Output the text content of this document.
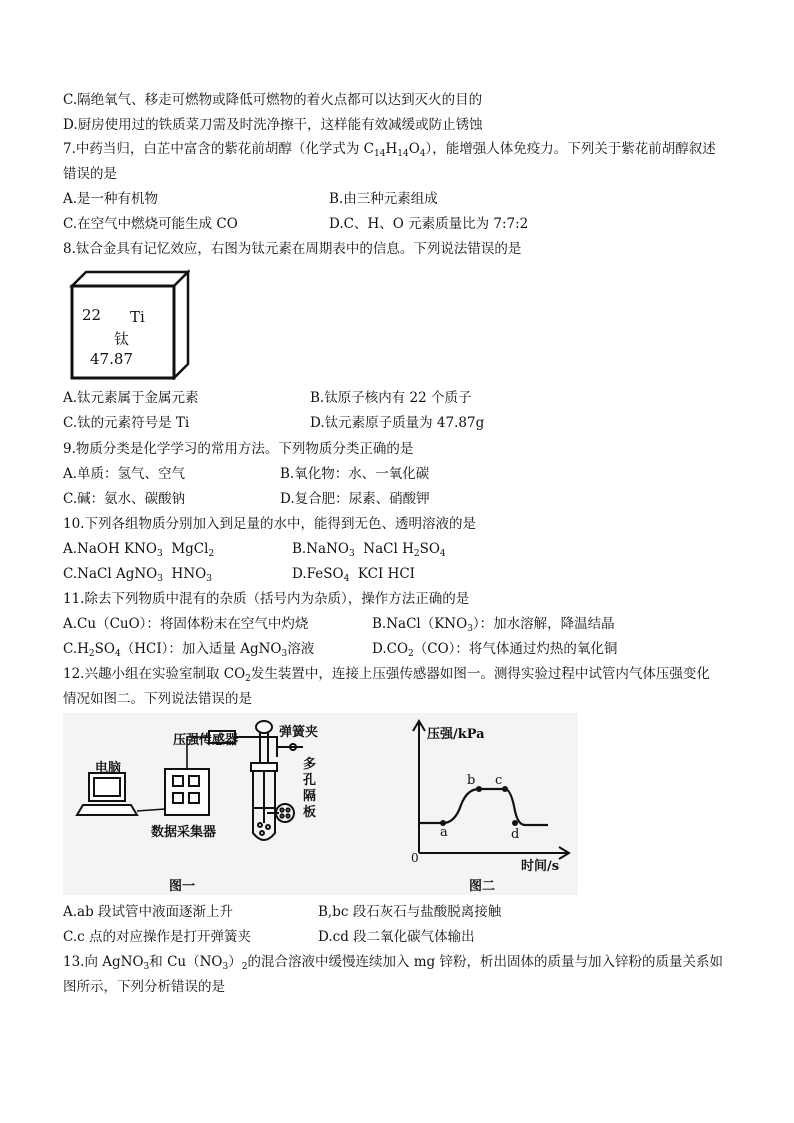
C.隔绝氧气、移走可燃物或降低可燃物的着火点都可以达到灭火的目的
D.厨房使用过的铁质菜刀需及时洗净擦干，这样能有效减缓或防止锈蚀
7.中药当归，白芷中富含的紫花前胡醇（化学式为 $C_{14}H_{14}O_4$），能增强人体免疫力。下列关于紫花前胡醇叙述
错误的是
A.是一种有机物	B.由三种元素组成
C.在空气中燃烧可能生成 CO	D.C、H、O 元素质量比为 7:7:2
8.钛合金具有记忆效应，右图为钛元素在周期表中的信息。下列说法错误的是
22 Ti
钛
47.87
A.钛元素属于金属元素	B.钛原子核内有 22 个质子
C.钛的元素符号是 Ti	D.钛元素原子质量为 47.87g
9.物质分类是化学学习的常用方法。下列物质分类正确的是
A.单质：氢气、空气	B.氧化物：水、一氧化碳
C.碱：氨水、碳酸钠	D.复合肥：尿素、硝酸钾
10.下列各组物质分别加入到足量的水中，能得到无色、透明溶液的是
A.NaOH $KNO_3$ MgCl$_2$	B.NaNO$_3$ NaCl $H_2SO_4$
C.NaCl AgNO$_3$ $HNO_3$	D.FeSO$_4$ KCI HCI
11.除去下列物质中混有的杂质（括号内为杂质），操作方法正确的是
A.Cu（CuO）：将固体粉末在空气中灼烧	$B.NaCl(KNO_3)$：加水溶解，降温结晶
$C.H_2SO_4(HCI)$：加入适量 AgNO$_3$溶液	$D.CO_2(CO)$：将气体通过灼热的氧化铜
12.兴趣小组在实验室制取 $CO_2$发生装置中，连接上压强传感器如图一。测得实验过程中试管内气体压强变化
情况如图二。下列说法错误的是
压强传感器
弹簧夹
电脑
数据采集器
多
孔
隔
板
图一
压强/kPa
时间/s
0
a
b c
d
图二
A.ab 段试管中液面逐渐上升	B,bc 段石灰石与盐酸脱离接触
C.c 点的对应操作是打开弹簧夹	D.cd 段二氧化碳气体输出
13.向 AgNO$_3$和 $Cu(NO_3)_2$的混合溶液中缓慢连续加入 mg 锌粉，析出固体的质量与加入锌粉的质量关系如
图所示，下列分析错误的是
